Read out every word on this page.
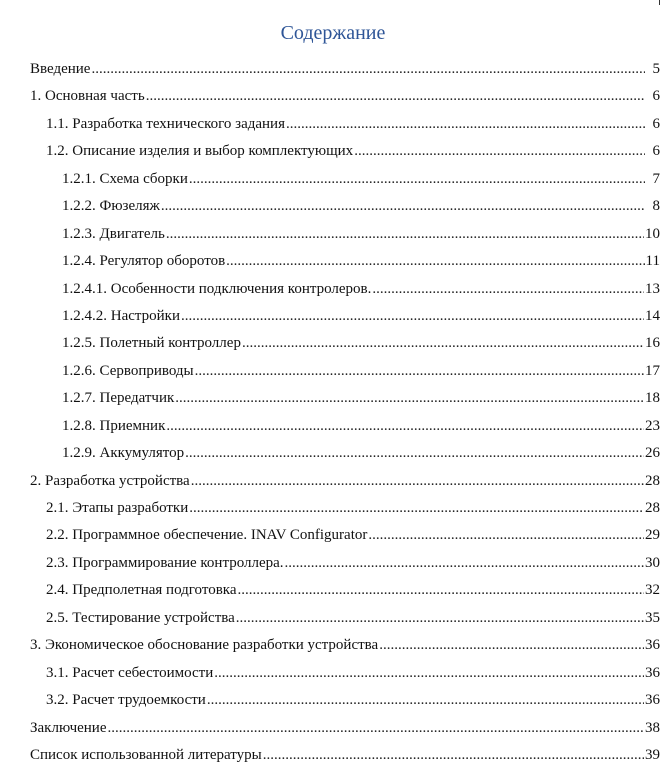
Содержание
Введение .....	5
1. Основная часть .....	6
1.1. Разработка технического задания .....	6
1.2. Описание изделия и выбор комплектующих .....	6
1.2.1. Схема сборки .....	7
1.2.2. Фюзеляж .....	8
1.2.3. Двигатель .....	10
1.2.4. Регулятор оборотов .....	11
1.2.4.1. Особенности подключения контролеров. .....	13
1.2.4.2. Настройки .....	14
1.2.5. Полетный контроллер .....	16
1.2.6. Сервоприводы .....	17
1.2.7. Передатчик .....	18
1.2.8. Приемник .....	23
1.2.9. Аккумулятор .....	26
2. Разработка устройства .....	28
2.1. Этапы разработки .....	28
2.2. Программное обеспечение. INAV Configurator .....	29
2.3. Программирование контроллера. .....	30
2.4. Предполетная подготовка .....	32
2.5. Тестирование устройства .....	35
3. Экономическое обоснование разработки устройства .....	36
3.1. Расчет себестоимости .....	36
3.2. Расчет трудоемкости .....	36
Заключение .....	38
Список использованной литературы .....	39
